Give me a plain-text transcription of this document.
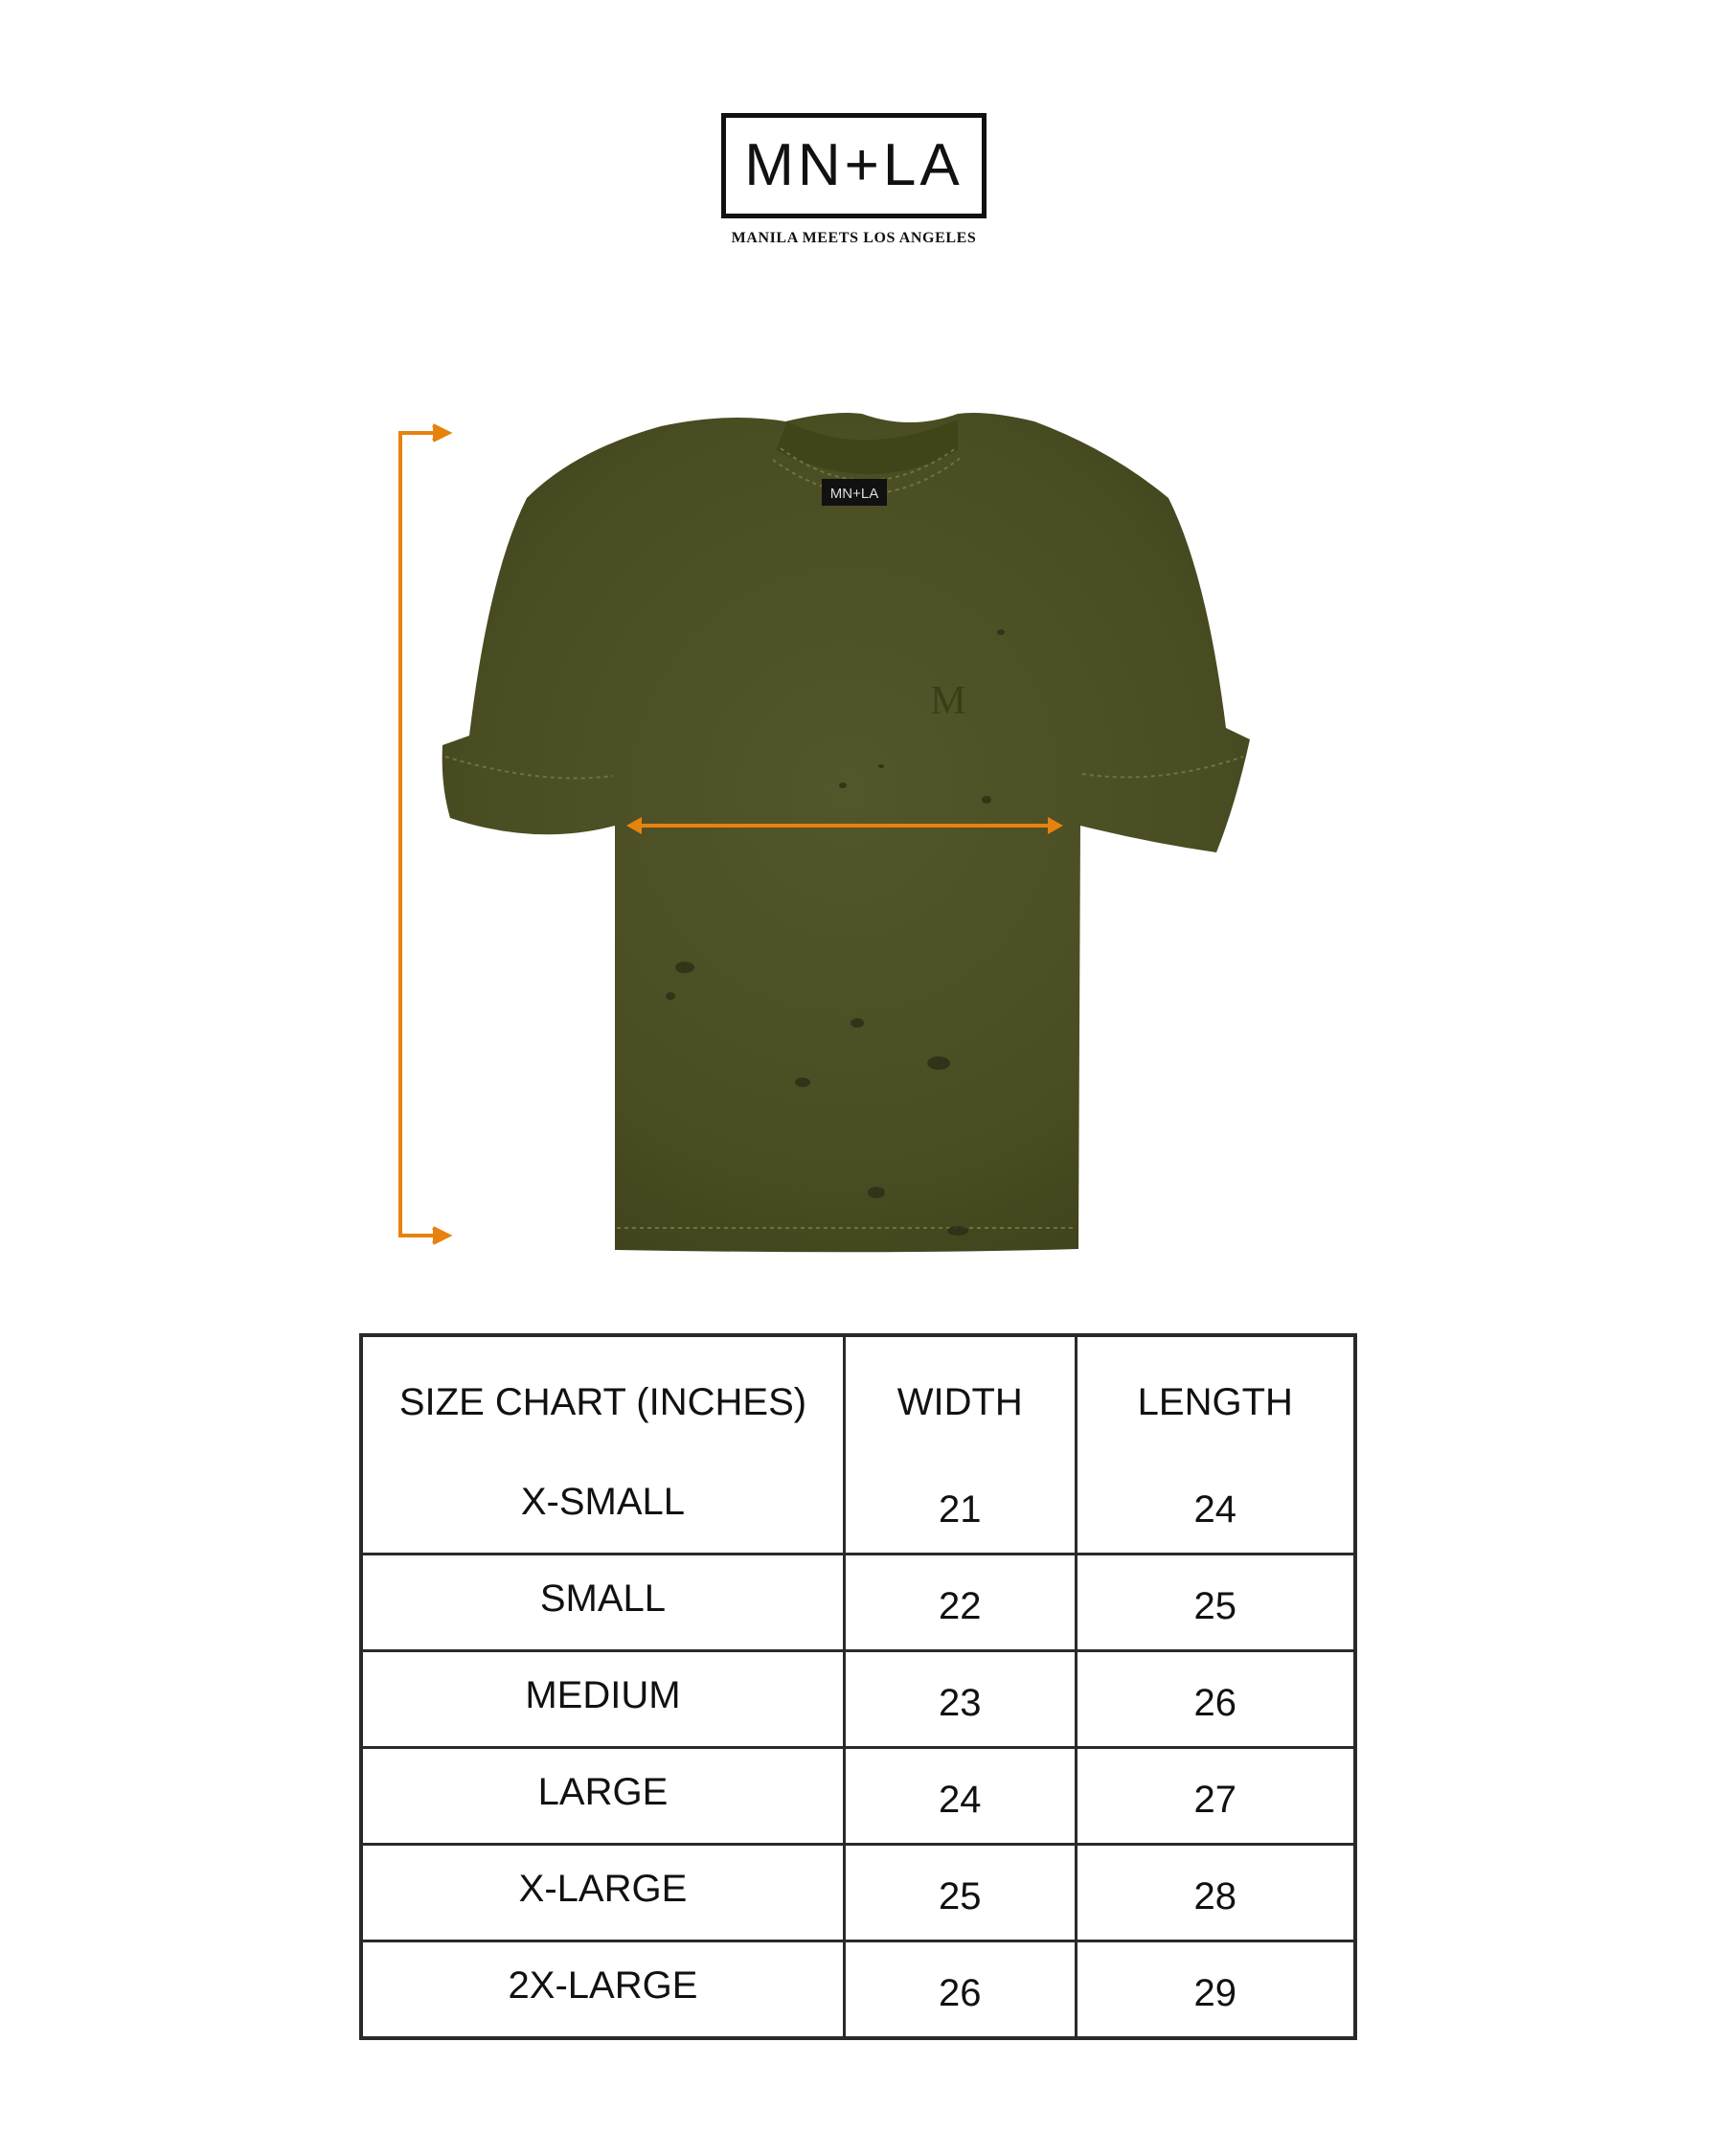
MN+LA
MANILA MEETS LOS ANGELES
MN+LA
M
SIZE CHART (INCHES)	WIDTH	LENGTH
X-SMALL	21	24
SMALL	22	25
MEDIUM	23	26
LARGE	24	27
X-LARGE	25	28
2X-LARGE	26	29
